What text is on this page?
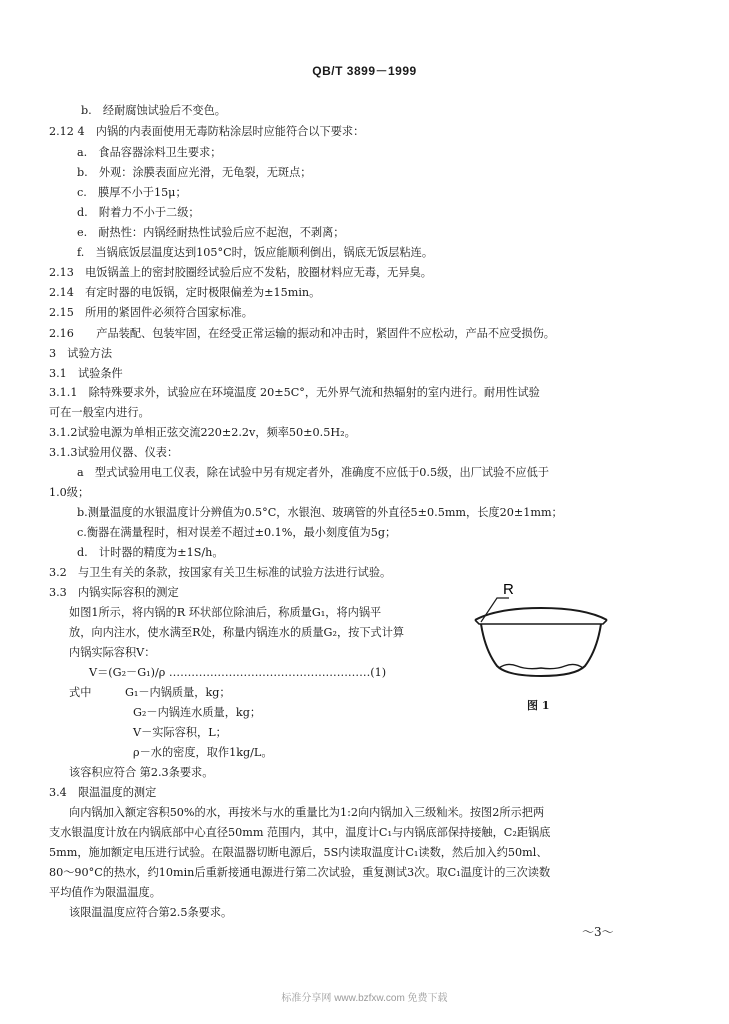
QB/T 3899－1999
b.　经耐腐蚀试验后不变色。
2.12 4　内锅的内表面使用无毒防粘涂层时应能符合以下要求：
a.　食品容器涂料卫生要求；
b.　外观：涂膜表面应光滑，无龟裂，无斑点；
c.　膜厚不小于15μ；
d.　附着力不小于二级；
e.　耐热性：内锅经耐热性试验后应不起泡，不剥离；
f.　当锅底饭层温度达到105°C时，饭应能顺利倒出，锅底无饭层粘连。
2.13　电饭锅盖上的密封胶圈经试验后应不发粘，胶圈材料应无毒，无异臭。
2.14　有定时器的电饭锅，定时极限偏差为±15min。
2.15　所用的紧固件必须符合国家标准。
2.16　　产品装配、包装牢固，在经受正常运输的振动和冲击时，紧固件不应松动，产品不应受损伤。
3　试验方法
3.1　试验条件
3.1.1　除特殊要求外，试验应在环境温度 20±5C°，无外界气流和热辐射的室内进行。耐用性试验
可在一般室内进行。
3.1.2试验电源为单相正弦交流220±2.2v，频率50±0.5H₂。
3.1.3试验用仪器、仪表：
a　型式试验用电工仪表，除在试验中另有规定者外，准确度不应低于0.5级，出厂试验不应低于
1.0级；
b.测量温度的水银温度计分辨值为0.5°C，水银泡、玻璃管的外直径5±0.5mm，长度20±1mm；
c.衡器在满量程时，相对误差不超过±0.1%，最小刻度值为5g；
d.　计时器的精度为±1S/h。
3.2　与卫生有关的条款，按国家有关卫生标准的试验方法进行试验。
3.3　内锅实际容积的测定
如图1所示，将内锅的R 环状部位除油后，称质量G₁，将内锅平
放，向内注水，使水满至R处，称量内锅连水的质量G₂，按下式计算
内锅实际容积V：
V＝(G₂－G₁)/ρ ………………………………………………(1)
式中　　　G₁－内锅质量，kg；
G₂－内锅连水质量，kg；
V－实际容积，L；
ρ－水的密度，取作1kg/L。
该容积应符合 第2.3条要求。
3.4　限温温度的测定
向内锅加入额定容积50%的水，再按米与水的重量比为1:2向内锅加入三级籼米。按图2所示把两
支水银温度计放在内锅底部中心直径50mm 范围内，其中，温度计C₁与内锅底部保持接触，C₂距锅底
5mm，施加额定电压进行试验。在限温器切断电源后，5S内读取温度计C₁读数，然后加入约50ml、
80～90°C的热水，约10min后重新接通电源进行第二次试验，重复测试3次。取C₁温度计的三次读数
平均值作为限温温度。
该限温温度应符合第2.5条要求。
R
图 1
～3～
标准分享网 www.bzfxw.com 免费下载
